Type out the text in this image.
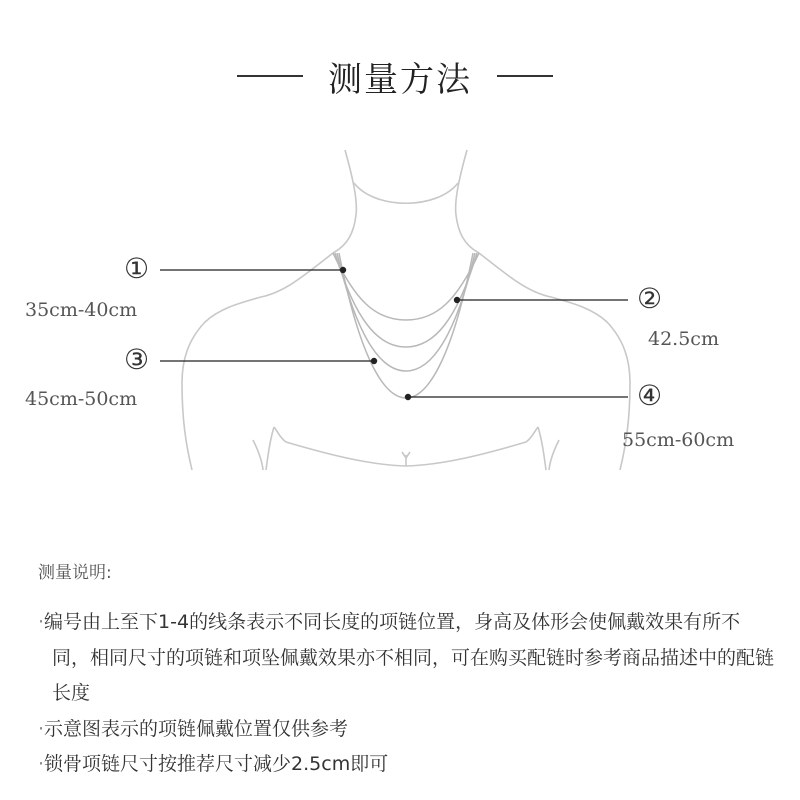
测量方法
①
35cm-40cm	②
42.5cm
③
45cm-50cm	④
55cm-60cm
测量说明:
·编号由上至下1-4的线条表示不同长度的项链位置，身高及体形会使佩戴效果有所不同，相同尺寸的项链和项坠佩戴效果亦不相同，可在购买配链时参考商品描述中的配链长度
·示意图表示的项链佩戴位置仅供参考
·锁骨项链尺寸按推荐尺寸减少2.5cm即可
